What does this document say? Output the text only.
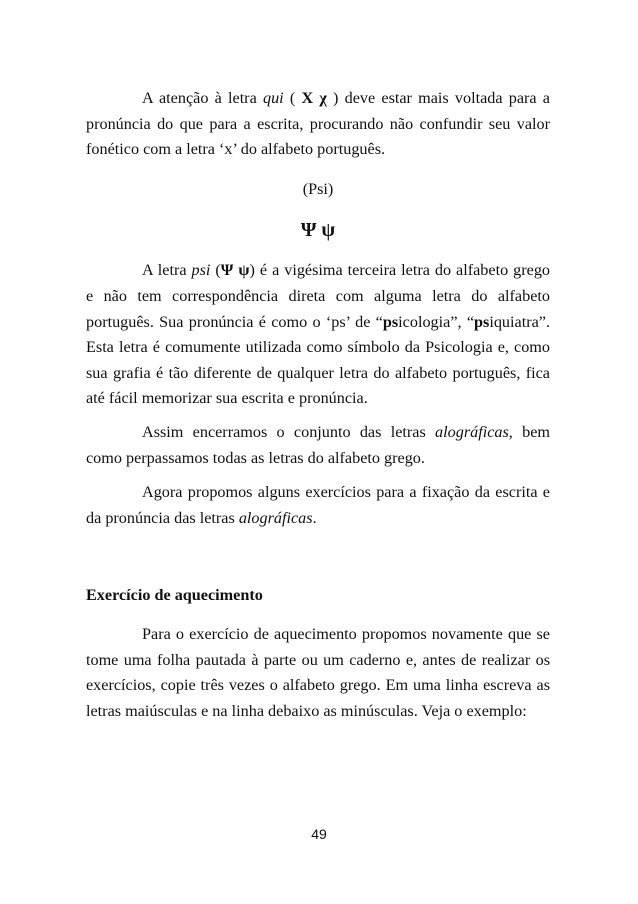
A atenção à letra qui ( Χ χ ) deve estar mais voltada para a pronúncia do que para a escrita, procurando não confundir seu valor fonético com a letra ‘x’ do alfabeto português.

(Psi)

Ψ ψ

A letra psi (Ψ ψ) é a vigésima terceira letra do alfabeto grego e não tem correspondência direta com alguma letra do alfabeto português. Sua pronúncia é como o ‘ps’ de “psicologia”, “psiquiatra”. Esta letra é comumente utilizada como símbolo da Psicologia e, como sua grafia é tão diferente de qualquer letra do alfabeto português, fica até fácil memorizar sua escrita e pronúncia.

Assim encerramos o conjunto das letras alográficas, bem como perpassamos todas as letras do alfabeto grego.

Agora propomos alguns exercícios para a fixação da escrita e da pronúncia das letras alográficas.

Exercício de aquecimento

Para o exercício de aquecimento propomos novamente que se tome uma folha pautada à parte ou um caderno e, antes de realizar os exercícios, copie três vezes o alfabeto grego. Em uma linha escreva as letras maiúsculas e na linha debaixo as minúsculas. Veja o exemplo:

49
